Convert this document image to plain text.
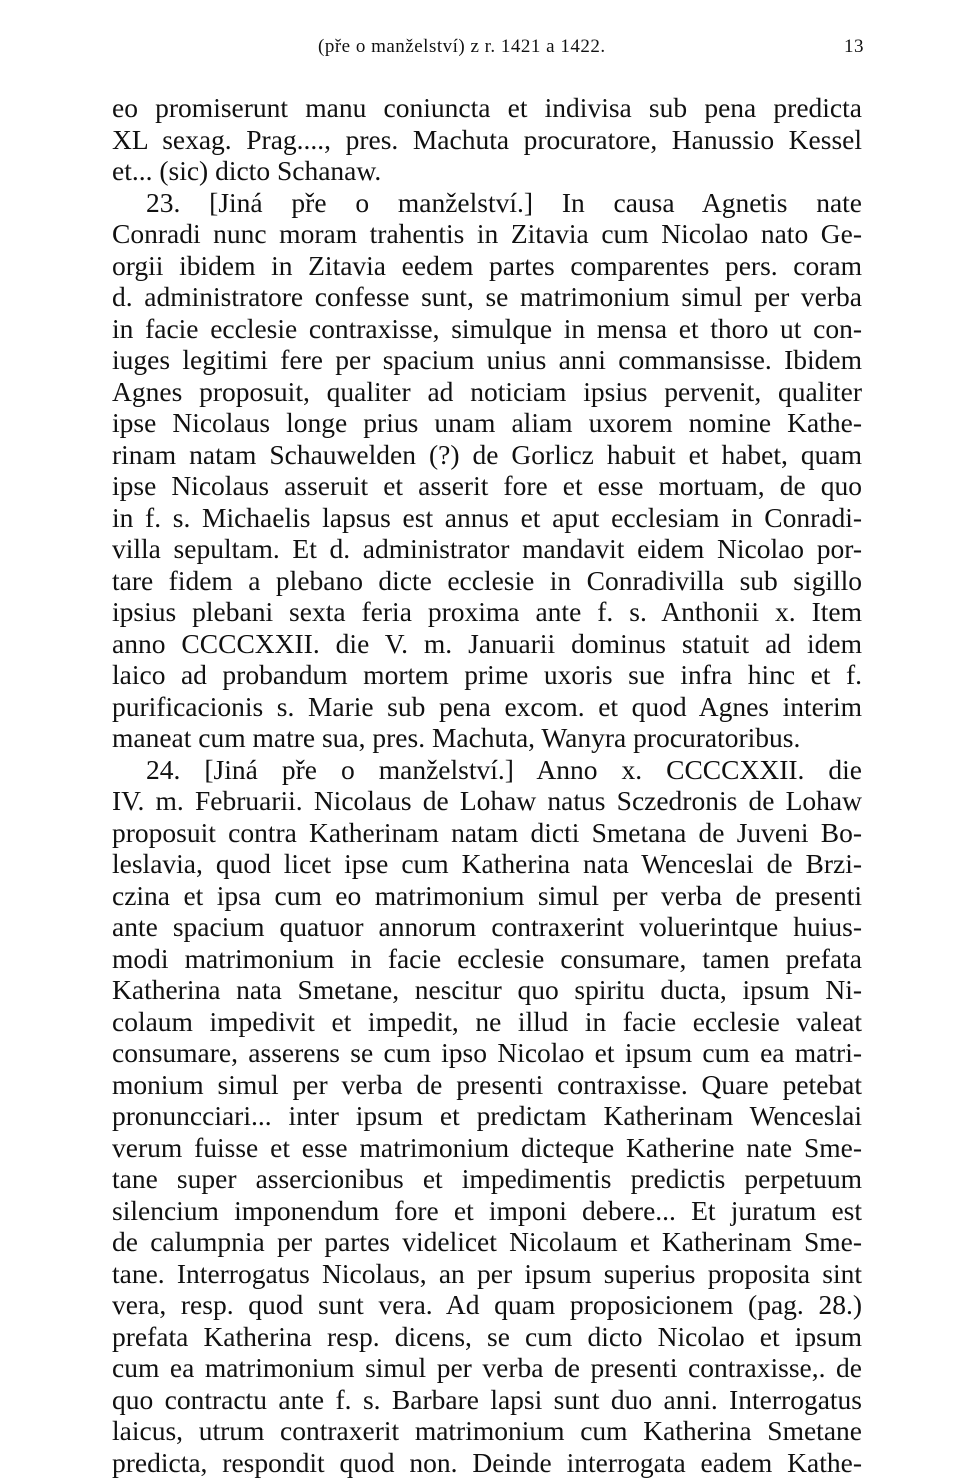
(pře o manželství) z r. 1421 a 1422.	13
eo promiserunt manu coniuncta et indivisa sub pena predicta
XL sexag. Prag...., pres. Machuta procuratore, Hanussio Kessel
et... (sic) dicto Schanaw.
23. [Jiná pře o manželství.] In causa Agnetis nate
Conradi nunc moram trahentis in Zitavia cum Nicolao nato Ge-
orgii ibidem in Zitavia eedem partes comparentes pers. coram
d. administratore confesse sunt, se matrimonium simul per verba
in facie ecclesie contraxisse, simulque in mensa et thoro ut con-
iuges legitimi fere per spacium unius anni commansisse. Ibidem
Agnes proposuit, qualiter ad noticiam ipsius pervenit, qualiter
ipse Nicolaus longe prius unam aliam uxorem nomine Kathe-
rinam natam Schauwelden (?) de Gorlicz habuit et habet, quam
ipse Nicolaus asseruit et asserit fore et esse mortuam, de quo
in f. s. Michaelis lapsus est annus et aput ecclesiam in Conradi-
villa sepultam. Et d. administrator mandavit eidem Nicolao por-
tare fidem a plebano dicte ecclesie in Conradivilla sub sigillo
ipsius plebani sexta feria proxima ante f. s. Anthonii x. Item
anno CCCCXXII. die V. m. Januarii dominus statuit ad idem
laico ad probandum mortem prime uxoris sue infra hinc et f.
purificacionis s. Marie sub pena excom. et quod Agnes interim
maneat cum matre sua, pres. Machuta, Wanyra procuratoribus.
24. [Jiná pře o manželství.] Anno x. CCCCXXII. die
IV. m. Februarii. Nicolaus de Lohaw natus Sczedronis de Lohaw
proposuit contra Katherinam natam dicti Smetana de Juveni Bo-
leslavia, quod licet ipse cum Katherina nata Wenceslai de Brzi-
czina et ipsa cum eo matrimonium simul per verba de presenti
ante spacium quatuor annorum contraxerint voluerintque huius-
modi matrimonium in facie ecclesie consumare, tamen prefata
Katherina nata Smetane, nescitur quo spiritu ducta, ipsum Ni-
colaum impedivit et impedit, ne illud in facie ecclesie valeat
consumare, asserens se cum ipso Nicolao et ipsum cum ea matri-
monium simul per verba de presenti contraxisse. Quare petebat
pronuncciari... inter ipsum et predictam Katherinam Wenceslai
verum fuisse et esse matrimonium dicteque Katherine nate Sme-
tane super assercionibus et impedimentis predictis perpetuum
silencium imponendum fore et imponi debere... Et juratum est
de calumpnia per partes videlicet Nicolaum et Katherinam Sme-
tane. Interrogatus Nicolaus, an per ipsum superius proposita sint
vera, resp. quod sunt vera. Ad quam proposicionem (pag. 28.)
prefata Katherina resp. dicens, se cum dicto Nicolao et ipsum
cum ea matrimonium simul per verba de presenti contraxisse,. de
quo contractu ante f. s. Barbare lapsi sunt duo anni. Interrogatus
laicus, utrum contraxerit matrimonium cum Katherina Smetane
predicta, respondit quod non. Deinde interrogata eadem Kathe-
